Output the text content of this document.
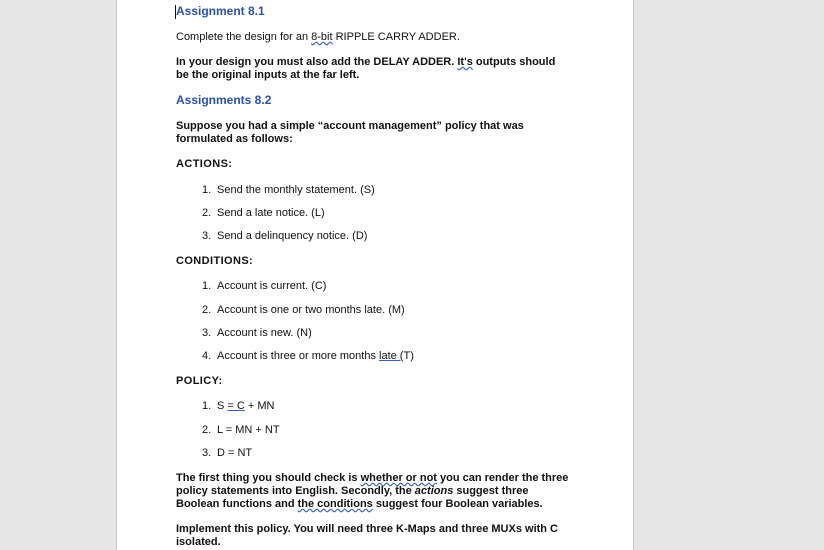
Assignment 8.1
Complete the design for an 8-bit RIPPLE CARRY ADDER.
In your design you must also add the DELAY ADDER. It's outputs should be the original inputs at the far left.
Assignments 8.2
Suppose you had a simple “account management” policy that was formulated as follows:
ACTIONS:
1. Send the monthly statement. (S)
2. Send a late notice. (L)
3. Send a delinquency notice. (D)
CONDITIONS:
1. Account is current. (C)
2. Account is one or two months late. (M)
3. Account is new. (N)
4. Account is three or more months late (T)
POLICY:
1. S = C + MN
2. L = MN + NT
3. D = NT
The first thing you should check is whether or not you can render the three policy statements into English. Secondly, the actions suggest three Boolean functions and the conditions suggest four Boolean variables.
Implement this policy. You will need three K-Maps and three MUXs with C isolated.
